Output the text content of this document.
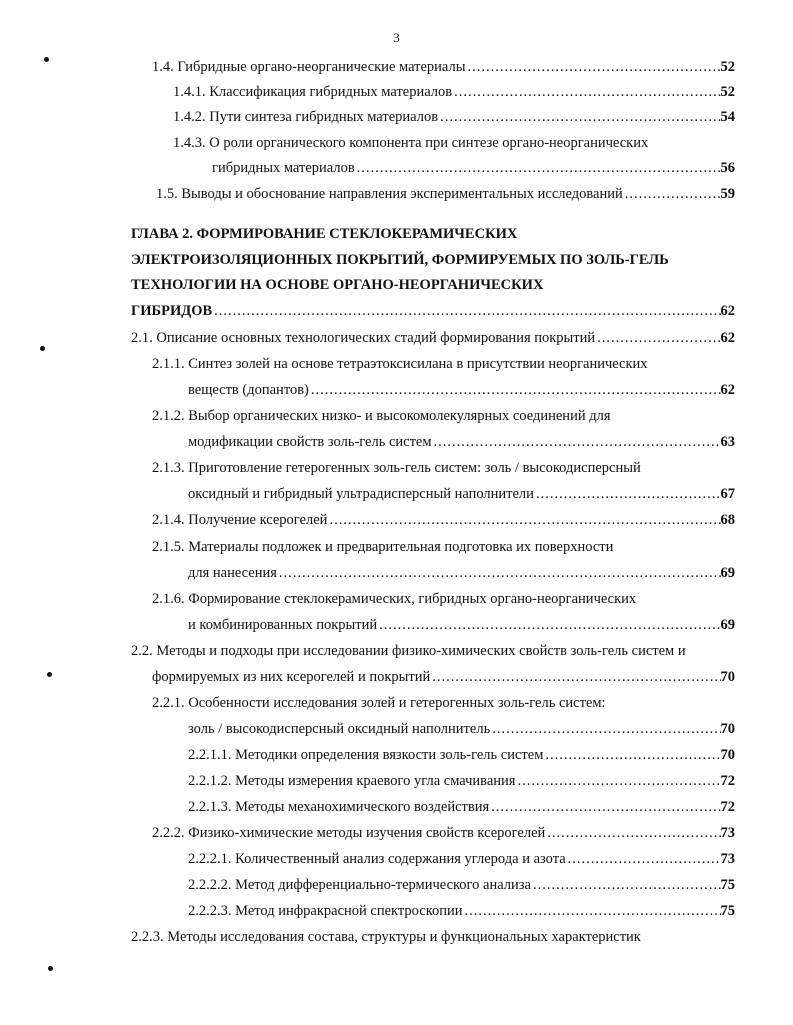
3
1.4. Гибридные органо-неорганические материалы .....	52
1.4.1. Классификация гибридных материалов .....	52
1.4.2. Пути синтеза гибридных материалов .....	54
1.4.3. О роли органического компонента при синтезе органо-неорганических
гибридных материалов .....	56
1.5. Выводы и обоснование направления экспериментальных исследований .....	59
ГЛАВА 2. ФОРМИРОВАНИЕ СТЕКЛОКЕРАМИЧЕСКИХ
ЭЛЕКТРОИЗОЛЯЦИОННЫХ ПОКРЫТИЙ, ФОРМИРУЕМЫХ ПО ЗОЛЬ-ГЕЛЬ
ТЕХНОЛОГИИ НА ОСНОВЕ ОРГАНО-НЕОРГАНИЧЕСКИХ
ГИБРИДОВ .....	62
2.1. Описание основных технологических стадий формирования покрытий .....	62
2.1.1. Синтез золей на основе тетраэтоксисилана в присутствии неорганических
веществ (допантов) .....	62
2.1.2. Выбор органических низко- и высокомолекулярных соединений для
модификации свойств золь-гель систем .....	63
2.1.3. Приготовление гетерогенных золь-гель систем: золь / высокодисперсный
оксидный и гибридный ультрадисперсный наполнители .....	67
2.1.4. Получение ксерогелей .....	68
2.1.5. Материалы подложек и предварительная подготовка их поверхности
для нанесения .....	69
2.1.6. Формирование стеклокерамических, гибридных органо-неорганических
и комбинированных покрытий .....	69
2.2. Методы и подходы при исследовании физико-химических свойств золь-гель систем и
формируемых из них ксерогелей и покрытий .....	70
2.2.1. Особенности исследования золей и гетерогенных золь-гель систем:
золь / высокодисперсный оксидный наполнитель .....	70
2.2.1.1. Методики определения вязкости золь-гель систем .....	70
2.2.1.2. Методы измерения краевого угла смачивания .....	72
2.2.1.3. Методы механохимического воздействия .....	72
2.2.2. Физико-химические методы изучения свойств ксерогелей .....	73
2.2.2.1. Количественный анализ содержания углерода и азота .....	73
2.2.2.2. Метод дифференциально-термического анализа .....	75
2.2.2.3. Метод инфракрасной спектроскопии .....	75
2.2.3. Методы исследования состава, структуры и функциональных характеристик
